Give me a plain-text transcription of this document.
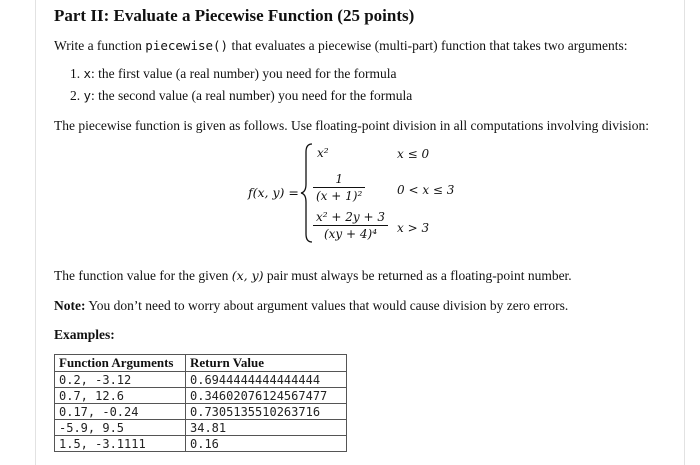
Part II: Evaluate a Piecewise Function (25 points)
Write a function piecewise() that evaluates a piecewise (multi-part) function that takes two arguments:
1. x: the first value (a real number) you need for the formula
2. y: the second value (a real number) you need for the formula
The piecewise function is given as follows. Use floating-point division in all computations involving division:
f(x, y) =
x²	x ≤ 0
$\frac{1}{\text{(x + 1)²}}$	0 < x ≤ 3
$\frac{\text{x² + 2y + 3}}{\text{(xy + 4)⁴}}$ x > 3
The function value for the given (x, y) pair must always be returned as a floating-point number.
Note: You don’t need to worry about argument values that would cause division by zero errors.
Examples:
Function Arguments	Return Value
0.2, -3.12	0.6944444444444444
0.7, 12.6	0.34602076124567477
0.17, -0.24	0.7305135510263716
-5.9, 9.5	34.81
1.5, -3.1111	0.16
